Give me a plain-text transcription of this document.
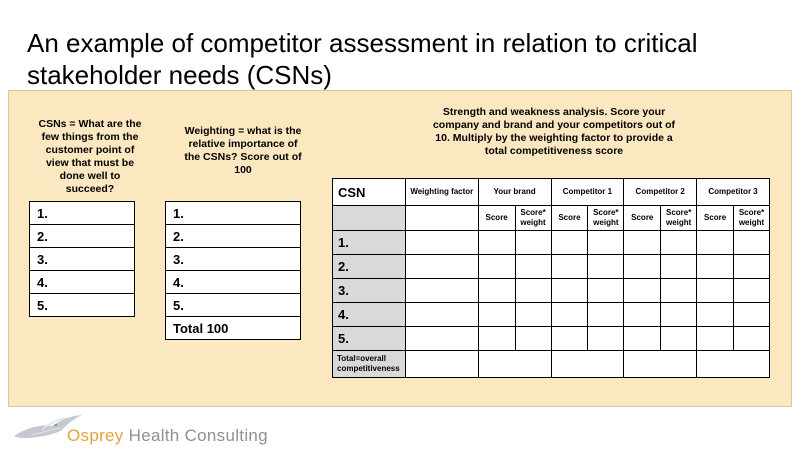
An example of competitor assessment in relation to critical stakeholder needs (CSNs)
CSNs = What are the few things from the customer point of view that must be done well to succeed?
1.
2.
3.
4.
5.
Weighting = what is the relative importance of the CSNs? Score out of 100
1.
2.
3.
4.
5.
Total 100
Strength and weakness analysis. Score your company and brand and your competitors out of 10. Multiply by the weighting factor to provide a total competitiveness score
CSN	Weighting factor	Your brand		Competitor 1		Competitor 2		Competitor 3	
		Score	Score* weight	Score	Score* weight	Score	Score* weight	Score	Score* weight
1.									
2.									
3.									
4.									
5.									
Total=overall competitiveness									
Osprey Health Consulting
